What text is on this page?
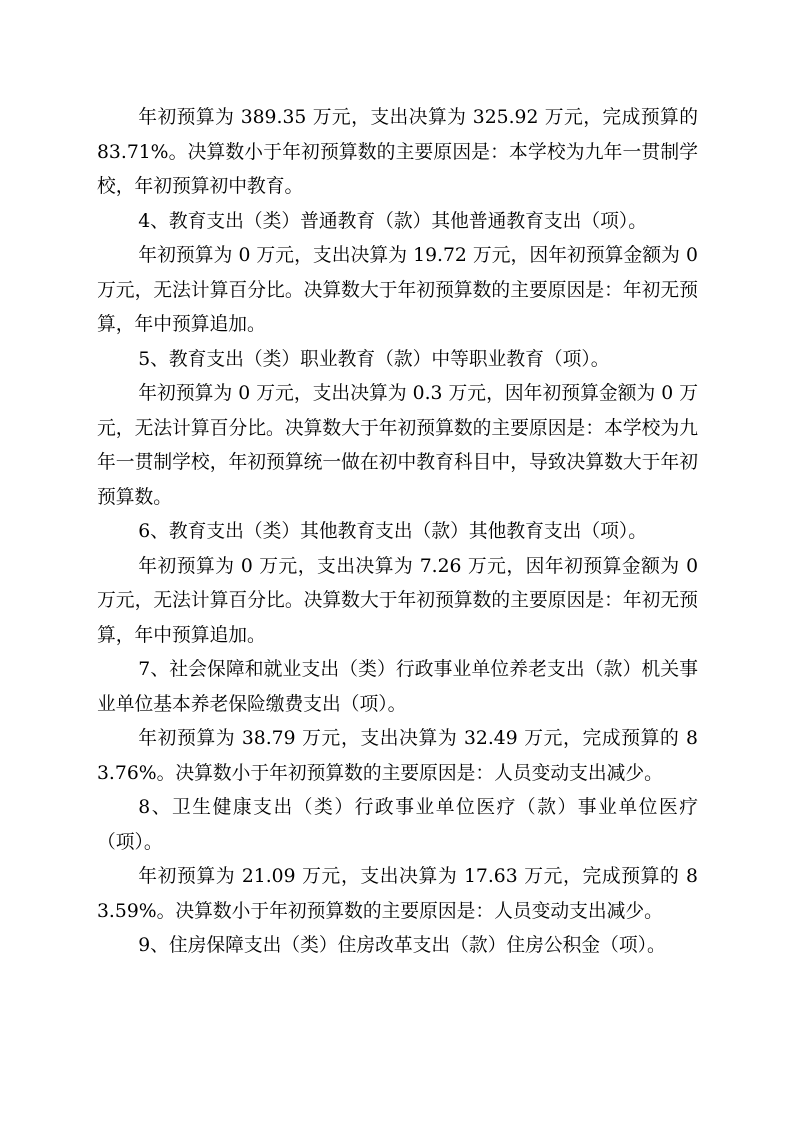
年初预算为 389.35 万元，支出决算为 325.92 万元，完成预算的 83.71%。决算数小于年初预算数的主要原因是：本学校为九年一贯制学校，年初预算初中教育。

4、教育支出（类）普通教育（款）其他普通教育支出（项）。

年初预算为 0 万元，支出决算为 19.72 万元，因年初预算金额为 0 万元，无法计算百分比。决算数大于年初预算数的主要原因是：年初无预算，年中预算追加。

5、教育支出（类）职业教育（款）中等职业教育（项）。

年初预算为 0 万元，支出决算为 0.3 万元，因年初预算金额为 0 万元，无法计算百分比。决算数大于年初预算数的主要原因是：本学校为九年一贯制学校，年初预算统一做在初中教育科目中，导致决算数大于年初预算数。

6、教育支出（类）其他教育支出（款）其他教育支出（项）。

年初预算为 0 万元，支出决算为 7.26 万元，因年初预算金额为 0 万元，无法计算百分比。决算数大于年初预算数的主要原因是：年初无预算，年中预算追加。

7、社会保障和就业支出（类）行政事业单位养老支出（款）机关事业单位基本养老保险缴费支出（项）。

年初预算为 38.79 万元，支出决算为 32.49 万元，完成预算的 83.76%。决算数小于年初预算数的主要原因是：人员变动支出减少。

8、卫生健康支出（类）行政事业单位医疗（款）事业单位医疗（项）。

年初预算为 21.09 万元，支出决算为 17.63 万元，完成预算的 83.59%。决算数小于年初预算数的主要原因是：人员变动支出减少。

9、住房保障支出（类）住房改革支出（款）住房公积金（项）。
